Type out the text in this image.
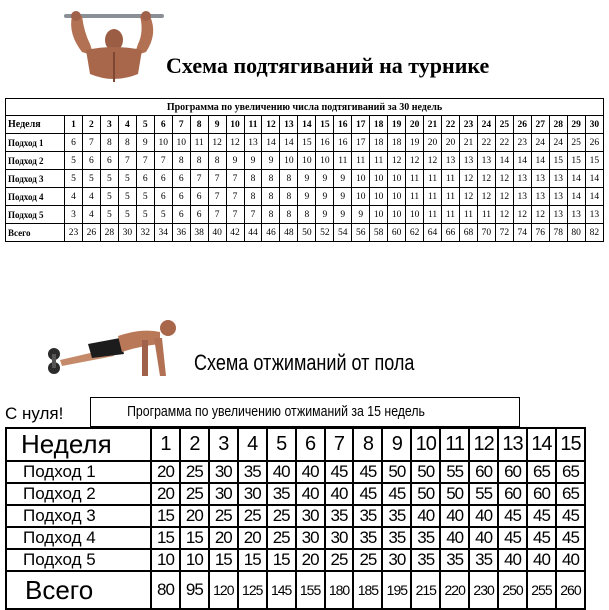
Схема подтягиваний на турнике
Программа по увеличению числа подтягиваний за 30 недель																														
Неделя	1	2	3	4	5	6	7	8	9	10	11	12	13	14	15	16	17	18	19	20	21	22	23	24	25	26	27	28	29	30
Подход 1	6	7	8	8	9	10	10	11	12	12	13	14	14	15	16	16	17	18	18	19	20	20	21	22	22	23	24	24	25	26
Подход 2	5	6	6	7	7	7	8	8	8	9	9	9	10	10	10	11	11	11	12	12	12	13	13	13	14	14	14	15	15	15
Подход 3	5	5	5	5	6	6	6	7	7	7	8	8	8	9	9	9	10	10	10	11	11	11	12	12	12	13	13	13	14	14
Подход 4	4	4	5	5	5	6	6	6	7	7	8	8	8	9	9	9	10	10	10	11	11	11	12	12	12	13	13	13	14	14
Подход 5	3	4	5	5	5	5	6	6	7	7	7	8	8	8	9	9	9	10	10	10	11	11	11	11	12	12	12	13	13	13
Всего	23	26	28	30	32	34	36	38	40	42	44	46	48	50	52	54	56	58	60	62	64	66	68	70	72	74	76	78	80	82
Схема отжиманий от пола
С нуля!	Программа по увеличению отжиманий за 15 недель
Неделя	1	2	3	4	5	6	7	8	9	10	11	12	13	14	15
Подход 1	20	25	30	35	40	40	45	45	50	50	55	60	60	65	65
Подход 2	20	25	30	30	35	40	40	45	45	50	50	55	60	60	65
Подход 3	15	20	25	25	25	30	35	35	35	40	40	40	45	45	45
Подход 4	15	15	20	20	25	30	30	35	35	35	40	40	45	45	45
Подход 5	10	10	15	15	15	20	25	25	30	35	35	35	40	40	40
Всего	80	95	120	125	145	155	180	185	195	215	220	230	250	255	260
